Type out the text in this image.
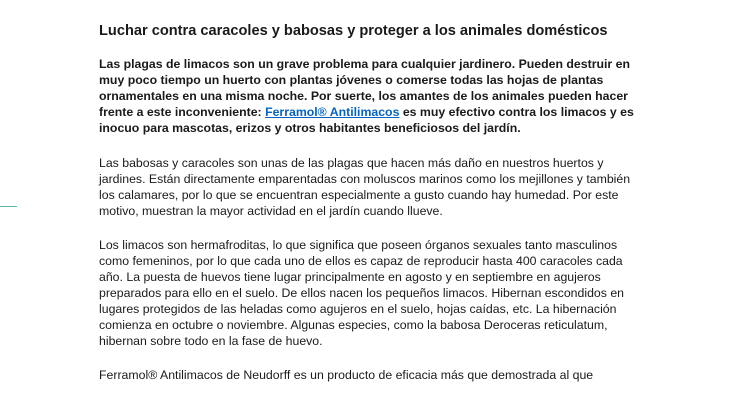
Luchar contra caracoles y babosas y proteger a los animales domésticos

Las plagas de limacos son un grave problema para cualquier jardinero. Pueden destruir en muy poco tiempo un huerto con plantas jóvenes o comerse todas las hojas de plantas ornamentales en una misma noche. Por suerte, los amantes de los animales pueden hacer frente a este inconveniente: Ferramol® Antilimacos es muy efectivo contra los limacos y es inocuo para mascotas, erizos y otros habitantes beneficiosos del jardín.

Las babosas y caracoles son unas de las plagas que hacen más daño en nuestros huertos y jardines. Están directamente emparentadas con moluscos marinos como los mejillones y también los calamares, por lo que se encuentran especialmente a gusto cuando hay humedad. Por este motivo, muestran la mayor actividad en el jardín cuando llueve.

Los limacos son hermafroditas, lo que significa que poseen órganos sexuales tanto masculinos como femeninos, por lo que cada uno de ellos es capaz de reproducir hasta 400 caracoles cada año. La puesta de huevos tiene lugar principalmente en agosto y en septiembre en agujeros preparados para ello en el suelo. De ellos nacen los pequeños limacos. Hibernan escondidos en lugares protegidos de las heladas como agujeros en el suelo, hojas caídas, etc. La hibernación comienza en octubre o noviembre. Algunas especies, como la babosa Deroceras reticulatum, hibernan sobre todo en la fase de huevo.

Ferramol® Antilimacos de Neudorff es un producto de eficacia más que demostrada al que
